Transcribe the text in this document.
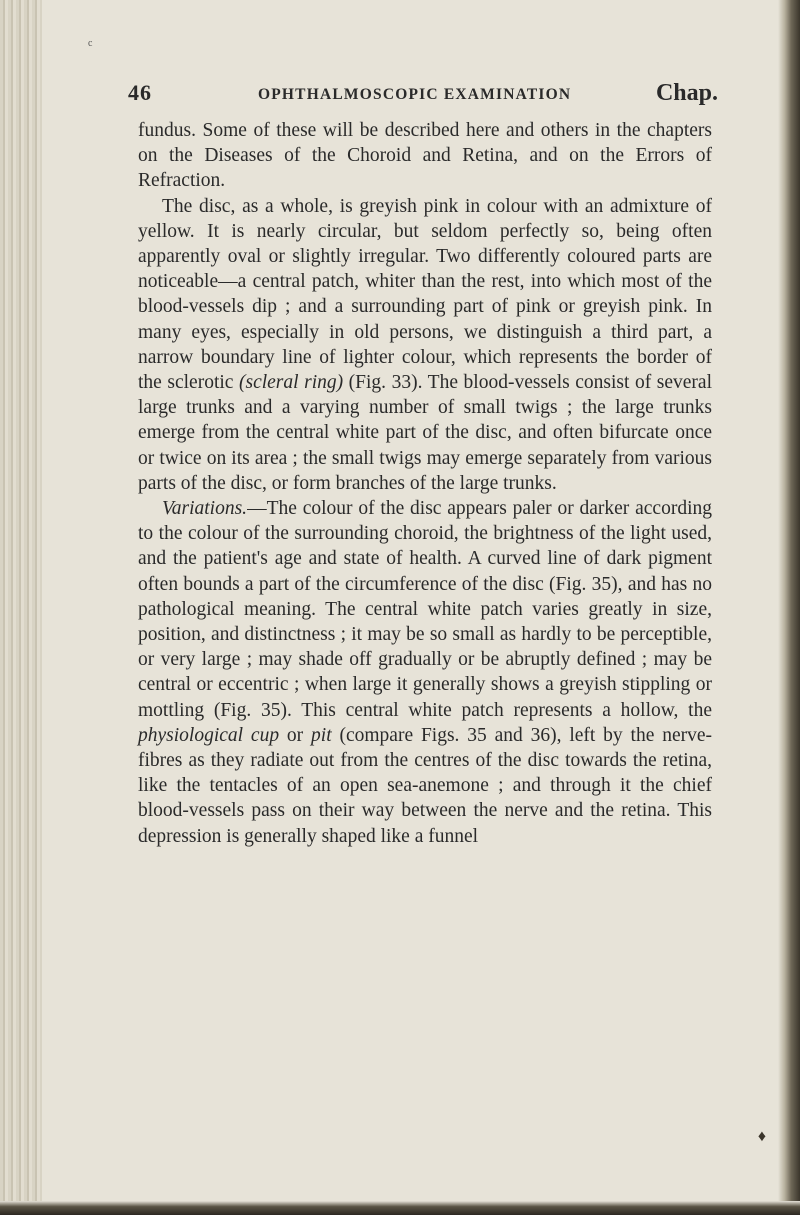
c
46	OPHTHALMOSCOPIC EXAMINATION	Chap.

fundus. Some of these will be described here and others in the chapters on the Diseases of the Choroid and Retina, and on the Errors of Refraction.

The disc, as a whole, is greyish pink in colour with an admixture of yellow. It is nearly circular, but seldom perfectly so, being often apparently oval or slightly irregular. Two differently coloured parts are noticeable—a central patch, whiter than the rest, into which most of the blood-vessels dip ; and a surrounding part of pink or greyish pink. In many eyes, especially in old persons, we distinguish a third part, a narrow boundary line of lighter colour, which represents the border of the sclerotic (scleral ring) (Fig. 33). The blood-vessels consist of several large trunks and a varying number of small twigs ; the large trunks emerge from the central white part of the disc, and often bifurcate once or twice on its area ; the small twigs may emerge separately from various parts of the disc, or form branches of the large trunks.

Variations.—The colour of the disc appears paler or darker according to the colour of the surrounding choroid, the brightness of the light used, and the patient's age and state of health. A curved line of dark pigment often bounds a part of the circumference of the disc (Fig. 35), and has no pathological meaning. The central white patch varies greatly in size, position, and distinctness ; it may be so small as hardly to be perceptible, or very large ; may shade off gradually or be abruptly defined ; may be central or eccentric ; when large it generally shows a greyish stippling or mottling (Fig. 35). This central white patch represents a hollow, the physiological cup or pit (compare Figs. 35 and 36), left by the nerve-fibres as they radiate out from the centres of the disc towards the retina, like the tentacles of an open sea-anemone ; and through it the chief blood-vessels pass on their way between the nerve and the retina. This depression is generally shaped like a funnel

♦
